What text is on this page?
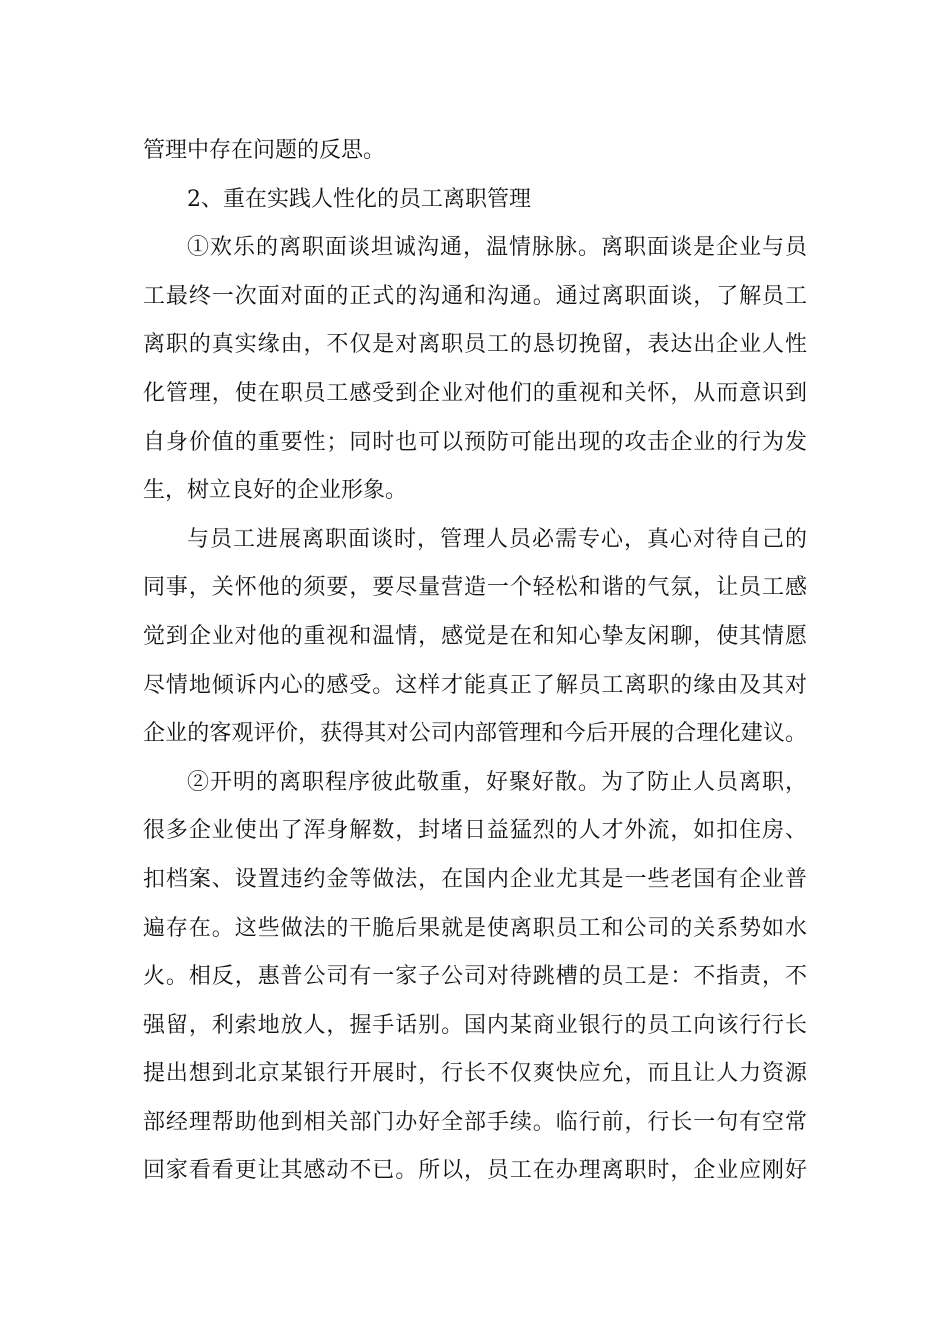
管理中存在问题的反思。
2、重在实践人性化的员工离职管理
①欢乐的离职面谈坦诚沟通，温情脉脉。离职面谈是企业与员
工最终一次面对面的正式的沟通和沟通。通过离职面谈，了解员工
离职的真实缘由，不仅是对离职员工的恳切挽留，表达出企业人性
化管理，使在职员工感受到企业对他们的重视和关怀，从而意识到
自身价值的重要性；同时也可以预防可能出现的攻击企业的行为发
生，树立良好的企业形象。
与员工进展离职面谈时，管理人员必需专心，真心对待自己的
同事，关怀他的须要，要尽量营造一个轻松和谐的气氛，让员工感
觉到企业对他的重视和温情，感觉是在和知心挚友闲聊，使其情愿
尽情地倾诉内心的感受。这样才能真正了解员工离职的缘由及其对
企业的客观评价，获得其对公司内部管理和今后开展的合理化建议。
②开明的离职程序彼此敬重，好聚好散。为了防止人员离职，
很多企业使出了浑身解数，封堵日益猛烈的人才外流，如扣住房、
扣档案、设置违约金等做法，在国内企业尤其是一些老国有企业普
遍存在。这些做法的干脆后果就是使离职员工和公司的关系势如水
火。相反，惠普公司有一家子公司对待跳槽的员工是：不指责，不
强留，利索地放人，握手话别。国内某商业银行的员工向该行行长
提出想到北京某银行开展时，行长不仅爽快应允，而且让人力资源
部经理帮助他到相关部门办好全部手续。临行前，行长一句有空常
回家看看更让其感动不已。所以，员工在办理离职时，企业应刚好
